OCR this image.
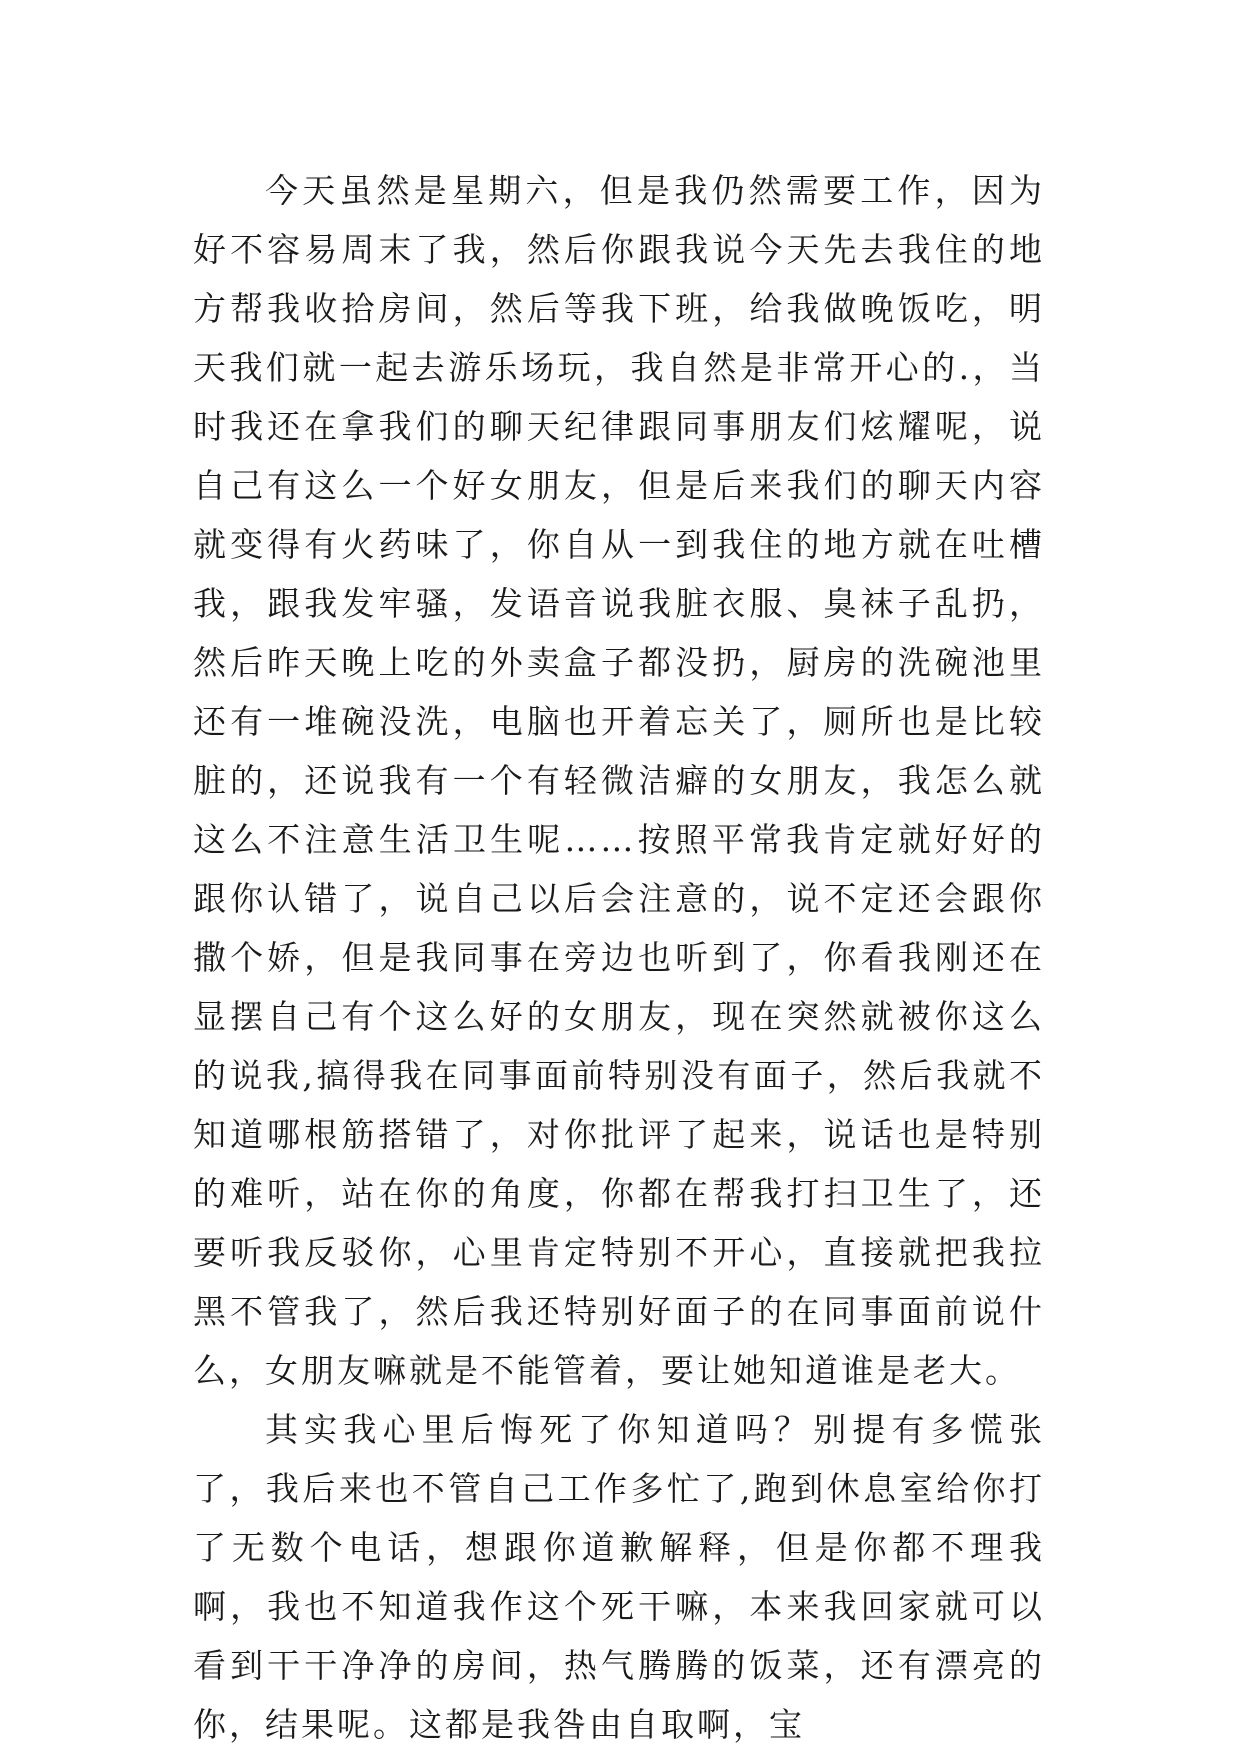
今天虽然是星期六，但是我仍然需要工作，因为好不容易周末了我，然后你跟我说今天先去我住的地方帮我收拾房间，然后等我下班，给我做晚饭吃，明天我们就一起去游乐场玩，我自然是非常开心的.，当时我还在拿我们的聊天纪律跟同事朋友们炫耀呢，说自己有这么一个好女朋友，但是后来我们的聊天内容就变得有火药味了，你自从一到我住的地方就在吐槽我，跟我发牢骚，发语音说我脏衣服、臭袜子乱扔，然后昨天晚上吃的外卖盒子都没扔，厨房的洗碗池里还有一堆碗没洗，电脑也开着忘关了，厕所也是比较脏的，还说我有一个有轻微洁癖的女朋友，我怎么就这么不注意生活卫生呢……按照平常我肯定就好好的跟你认错了，说自己以后会注意的，说不定还会跟你撒个娇，但是我同事在旁边也听到了，你看我刚还在显摆自己有个这么好的女朋友，现在突然就被你这么的说我,搞得我在同事面前特别没有面子，然后我就不知道哪根筋搭错了，对你批评了起来，说话也是特别的难听，站在你的角度，你都在帮我打扫卫生了，还要听我反驳你，心里肯定特别不开心，直接就把我拉黑不管我了，然后我还特别好面子的在同事面前说什么，女朋友嘛就是不能管着，要让她知道谁是老大。

其实我心里后悔死了你知道吗？别提有多慌张了，我后来也不管自己工作多忙了,跑到休息室给你打了无数个电话，想跟你道歉解释，但是你都不理我啊，我也不知道我作这个死干嘛，本来我回家就可以看到干干净净的房间，热气腾腾的饭菜，还有漂亮的你，结果呢。这都是我咎由自取啊，宝
